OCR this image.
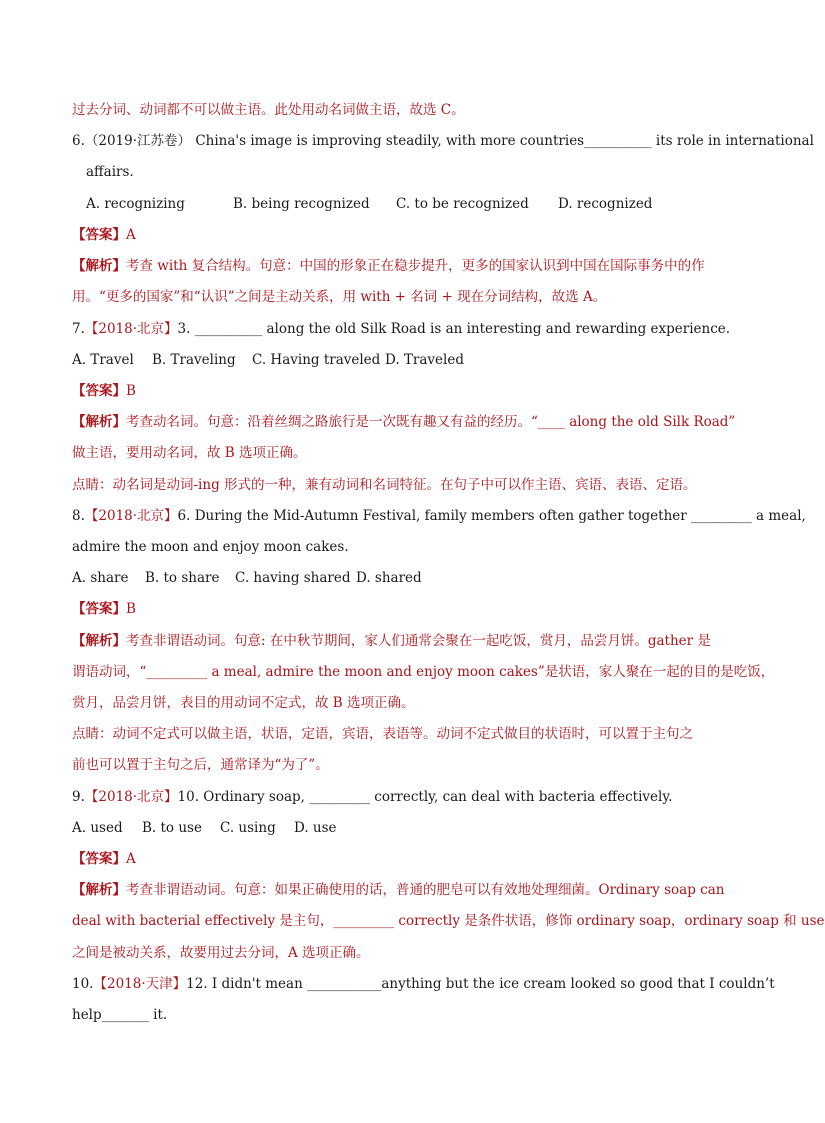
过去分词、动词都不可以做主语。此处用动名词做主语，故选 C。
6.（2019·江苏卷） China's image is improving steadily, with more countries__________ its role in international
affairs.
A. recognizing	B. being recognized C. to be recognized D. recognized
【答案】A
【解析】考查 with 复合结构。句意：中国的形象正在稳步提升，更多的国家认识到中国在国际事务中的作
用。“更多的国家”和“认识”之间是主动关系，用 with + 名词 + 现在分词结构，故选 A。
7.【2018·北京】3. __________ along the old Silk Road is an interesting and rewarding experience.
A. Travel B. Traveling C. Having traveled D. Traveled
【答案】B
【解析】考查动名词。句意：沿着丝绸之路旅行是一次既有趣又有益的经历。“____ along the old Silk Road”
做主语，要用动名词，故 B 选项正确。
点睛：动名词是动词-ing 形式的一种，兼有动词和名词特征。在句子中可以作主语、宾语、表语、定语。
8.【2018·北京】6. During the Mid-Autumn Festival, family members often gather together _________ a meal,
admire the moon and enjoy moon cakes.
A. share B. to share C. having shared D. shared
【答案】B
【解析】考查非谓语动词。句意: 在中秋节期间，家人们通常会聚在一起吃饭，赏月，品尝月饼。gather 是
谓语动词，“_________ a meal, admire the moon and enjoy moon cakes”是状语，家人聚在一起的目的是吃饭，
赏月，品尝月饼，表目的用动词不定式，故 B 选项正确。
点睛：动词不定式可以做主语，状语，定语，宾语，表语等。动词不定式做目的状语时，可以置于主句之
前也可以置于主句之后，通常译为“为了”。
9.【2018·北京】10. Ordinary soap, _________ correctly, can deal with bacteria effectively.
A. used B. to use C. using D. use
【答案】A
【解析】考查非谓语动词。句意：如果正确使用的话，普通的肥皂可以有效地处理细菌。Ordinary soap can
deal with bacterial effectively 是主句，_________ correctly 是条件状语，修饰 ordinary soap，ordinary soap 和 use
之间是被动关系，故要用过去分词，A 选项正确。
10.【2018·天津】12. I didn't mean ___________anything but the ice cream looked so good that I couldn’t
help_______ it.
